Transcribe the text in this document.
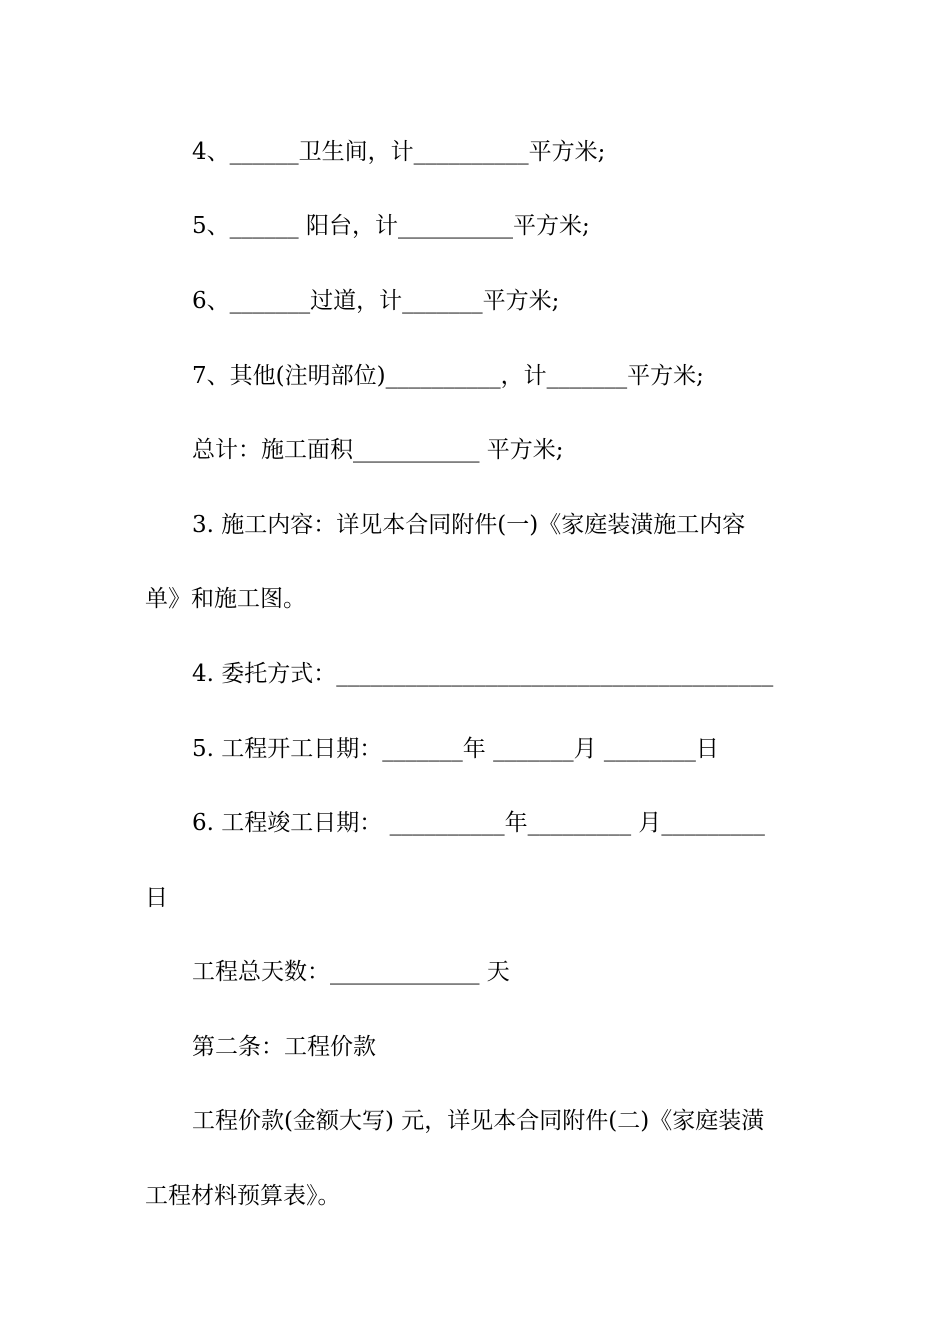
4、______卫生间，计__________平方米;
5、______ 阳台，计__________平方米;
6、_______过道，计_______平方米;
7、其他(注明部位)__________，计_______平方米;
总计：施工面积___________ 平方米;
3. 施工内容：详见本合同附件(一)《家庭装潢施工内容
单》和施工图。
4. 委托方式：______________________________________
5. 工程开工日期：_______年 _______月 ________日
6. 工程竣工日期： __________年_________ 月_________
日
工程总天数：_____________ 天
第二条：工程价款
工程价款(金额大写) 元，详见本合同附件(二)《家庭装潢
工程材料预算表》。
